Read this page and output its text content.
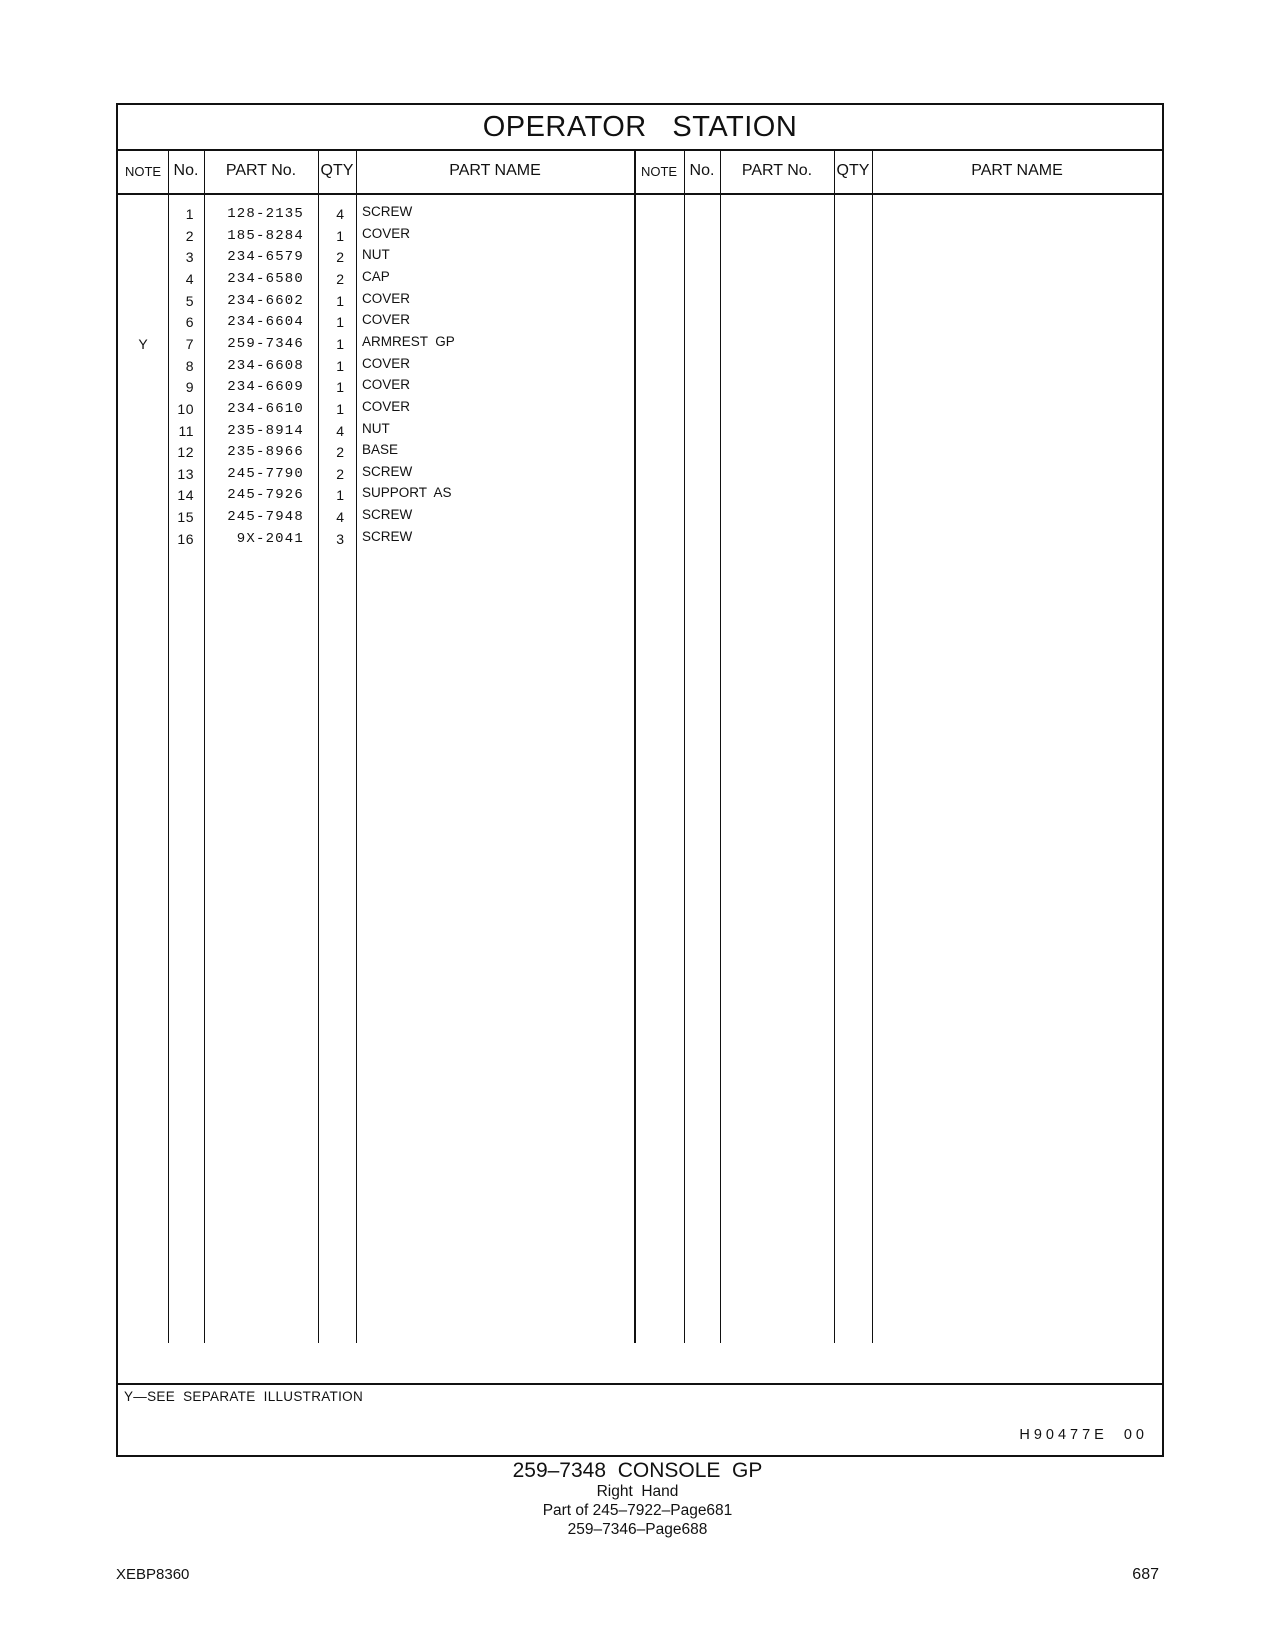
OPERATOR   STATION
NOTE No.	PART No.	QTY	PART NAME	NOTE No.	PART No.	QTY	PART NAME
1	128-2135	4 SCREW
2	185-8284	1 COVER
3	234-6579	2 NUT
4	234-6580	2 CAP
5	234-6602	1 COVER
6	234-6604	1 COVER
Y	7	259-7346	1 ARMREST  GP
8	234-6608	1 COVER
9	234-6609	1 COVER
10	234-6610	1 COVER
11	235-8914	4 NUT
12	235-8966	2 BASE
13	245-7790	2 SCREW
14	245-7926	1 SUPPORT  AS
15	245-7948	4 SCREW
16	9X-2041	3 SCREW
Y—SEE  SEPARATE  ILLUSTRATION
H90477E  00
259–7348  CONSOLE  GP
Right  Hand
Part of 245–7922–Page681
259–7346–Page688
XEBP8360	687
